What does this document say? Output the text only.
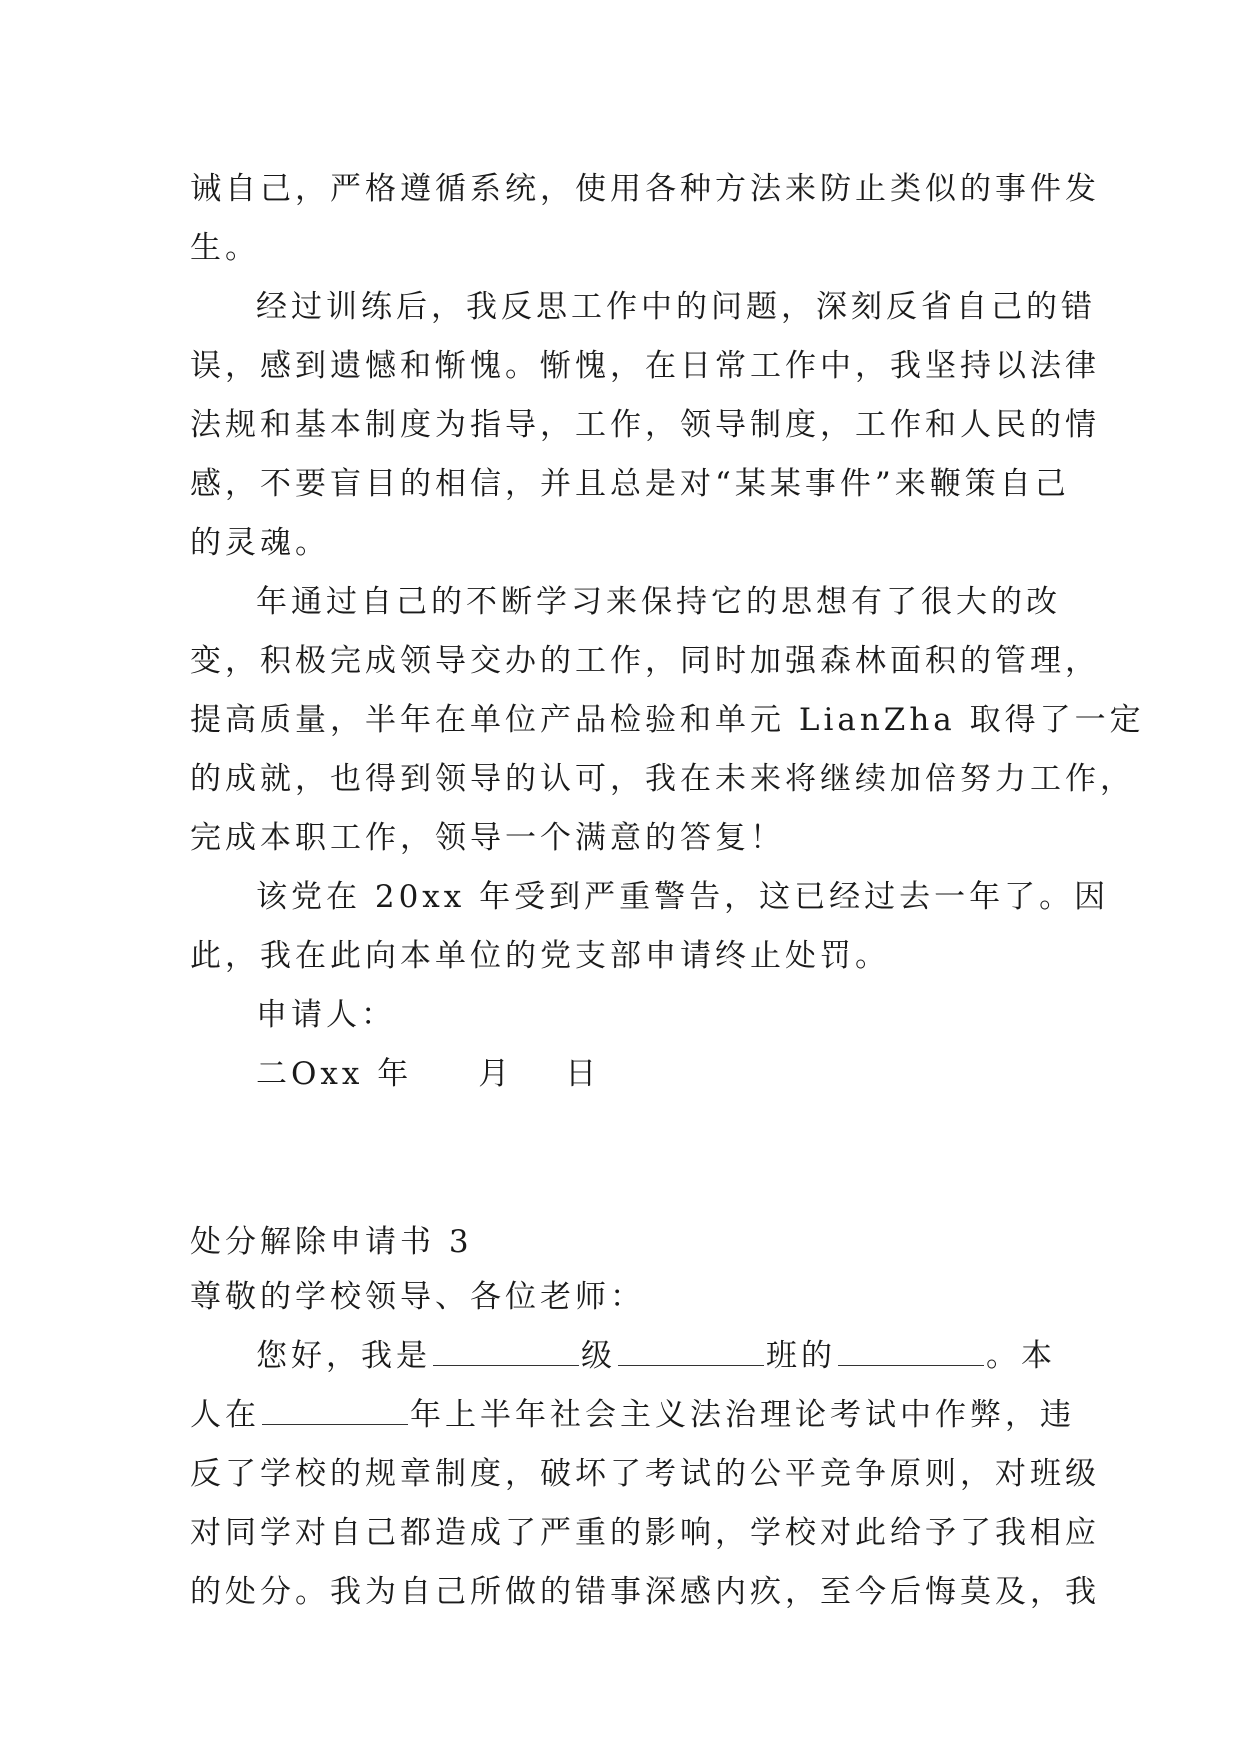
诫自己，严格遵循系统，使用各种方法来防止类似的事件发
生。
经过训练后，我反思工作中的问题，深刻反省自己的错
误，感到遗憾和惭愧。惭愧，在日常工作中，我坚持以法律
法规和基本制度为指导，工作，领导制度，工作和人民的情
感，不要盲目的相信，并且总是对“某某事件”来鞭策自己
的灵魂。
年通过自己的不断学习来保持它的思想有了很大的改
变，积极完成领导交办的工作，同时加强森林面积的管理，
提高质量，半年在单位产品检验和单元 LianZha 取得了一定
的成就，也得到领导的认可，我在未来将继续加倍努力工作，
完成本职工作，领导一个满意的答复！
该党在 20xx 年受到严重警告，这已经过去一年了。因
此，我在此向本单位的党支部申请终止处罚。
申请人：
二Oxx 年 月 日
处分解除申请书 3
尊敬的学校领导、各位老师：
您好，我是	级	班的	。本
人在	年上半年社会主义法治理论考试中作弊，违
反了学校的规章制度，破坏了考试的公平竞争原则，对班级
对同学对自己都造成了严重的影响，学校对此给予了我相应
的处分。我为自己所做的错事深感内疚，至今后悔莫及，我
